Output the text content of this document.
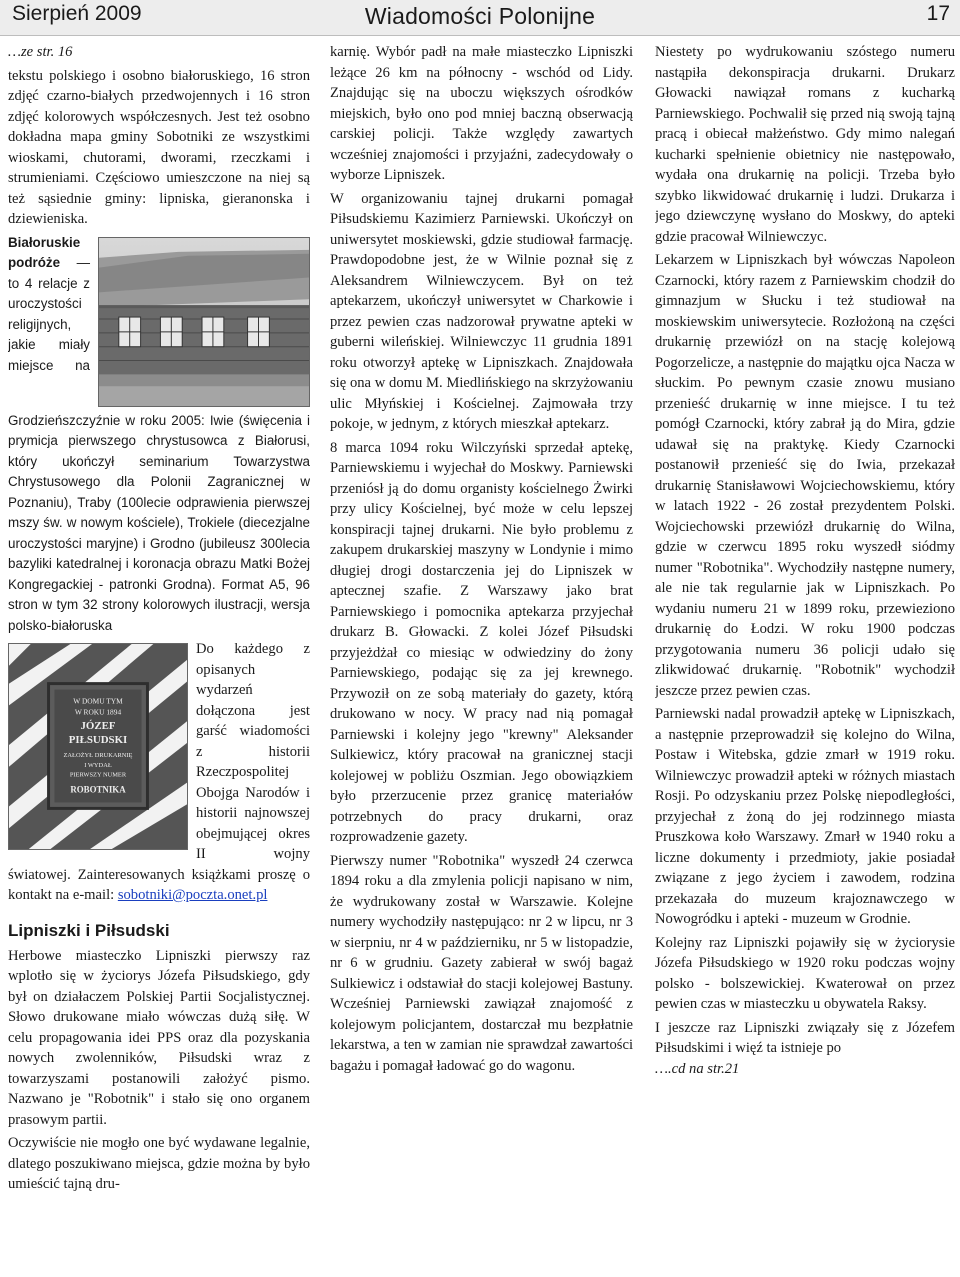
Sierpień 2009	Wiadomości Polonijne	17

…ze str. 16

tekstu polskiego i osobno białoruskiego, 16 stron zdjęć czarno-białych przedwojennych i 16 stron zdjęć kolorowych współczesnych. Jest też osobno dokładna mapa gminy Sobotniki ze wszystkimi wioskami, chutorami, dworami, rzeczkami i strumieniami. Częściowo umieszczone na niej są też sąsiednie gminy: lipniska, gieranonska i dziewieniska.

Białoruskie podróże — to 4 relacje z uroczystości religijnych, jakie miały miejsce na Grodzieńszczyźnie w roku 2005: Iwie (święcenia i prymicja pierwszego chrystusowca z Białorusi, który ukończył seminarium Towarzystwa Chrystusowego dla Polonii Zagranicznej w Poznaniu), Traby (100lecie odprawienia pierwszej mszy św. w nowym kościele), Trokiele (diecezjalne uroczystości maryjne) i Grodno (jubileusz 300lecia bazyliki katedralnej i koronacja obrazu Matki Bożej Kongregackiej - patronki Grodna). Format A5, 96 stron w tym 32 strony kolorowych ilustracji, wersja polsko-białoruska

W DOMU TYM
W ROKU 1894
JÓZEF
PIŁSUDSKI
ZAŁOŻYŁ DRUKARNIĘ
I WYDAŁ
PIERWSZY NUMER
ROBOTNIKA
Do każdego z opisanych wydarzeń dołączona jest garść wiadomości z historii Rzeczpospolitej Obojga Narodów i historii najnowszej obejmującej okres II wojny światowej. Zainteresowanych książkami proszę o kontakt na e-mail: sobotniki@poczta.onet.pl

Lipniszki i Piłsudski

Herbowe miasteczko Lipniszki pierwszy raz wplotło się w życiorys Józefa Piłsudskiego, gdy był on działaczem Polskiej Partii Socjalistycznej. Słowo drukowane miało wówczas dużą siłę. W celu propagowania idei PPS oraz dla pozyskania nowych zwolenników, Piłsudski wraz z towarzyszami postanowili założyć pismo. Nazwano je "Robotnik" i stało się ono organem prasowym partii.

Oczywiście nie mogło one być wydawane legalnie, dlatego poszukiwano miejsca, gdzie można by było umieścić tajną dru-

karnię. Wybór padł na małe miasteczko Lipniszki leżące 26 km na północny - wschód od Lidy. Znajdując się na uboczu większych ośrodków miejskich, było ono pod mniej baczną obserwacją carskiej policji. Także względy zawartych wcześniej znajomości i przyjaźni, zadecydowały o wyborze Lipniszek.

W organizowaniu tajnej drukarni pomagał Piłsudskiemu Kazimierz Parniewski. Ukończył on uniwersytet moskiewski, gdzie studiował farmację. Prawdopodobne jest, że w Wilnie poznał się z Aleksandrem Wilniewczycem. Był on też aptekarzem, ukończył uniwersytet w Charkowie i przez pewien czas nadzorował prywatne apteki w guberni wileńskiej. Wilniewczyc 11 grudnia 1891 roku otworzył aptekę w Lipniszkach. Znajdowała się ona w domu M. Miedlińskiego na skrzyżowaniu ulic Młyńskiej i Kościelnej. Zajmowała trzy pokoje, w jednym, z których mieszkał aptekarz.

8 marca 1094 roku Wilczyński sprzedał aptekę, Parniewskiemu i wyjechał do Moskwy. Parniewski przeniósł ją do domu organisty kościelnego Żwirki przy ulicy Kościelnej, być może w celu lepszej konspiracji tajnej drukarni. Nie było problemu z zakupem drukarskiej maszyny w Londynie i mimo długiej drogi dostarczenia jej do Lipniszek w aptecznej szafie. Z Warszawy jako brat Parniewskiego i pomocnika aptekarza przyjechał drukarz B. Głowacki. Z kolei Józef Piłsudski przyjeżdżał co miesiąc w odwiedziny do żony Parniewskiego, podając się za jej krewnego. Przywoził on ze sobą materiały do gazety, którą drukowano w nocy. W pracy nad nią pomagał Parniewski i kolejny jego "krewny" Aleksander Sulkiewicz, który pracował na granicznej stacji kolejowej w pobliżu Oszmian. Jego obowiązkiem było przerzucenie przez granicę materiałów potrzebnych do pracy drukarni, oraz rozprowadzenie gazety.

Pierwszy numer "Robotnika" wyszedł 24 czerwca 1894 roku a dla zmylenia policji napisano w nim, że wydrukowany został w Warszawie. Kolejne numery wychodziły następująco: nr 2 w lipcu, nr 3 w sierpniu, nr 4 w październiku, nr 5 w listopadzie, nr 6 w grudniu. Gazety zabierał w swój bagaż Sulkiewicz i odstawiał do stacji kolejowej Bastuny. Wcześniej Parniewski zawiązał znajomość z kolejowym policjantem, dostarczał mu bezpłatnie lekarstwa, a ten w zamian nie sprawdzał zawartości bagażu i pomagał ładować go do wagonu.

Niestety po wydrukowaniu szóstego numeru nastąpiła dekonspiracja drukarni. Drukarz Głowacki nawiązał romans z kucharką Parniewskiego. Pochwalił się przed nią swoją tajną pracą i obiecał małżeństwo. Gdy mimo nalegań kucharki spełnienie obietnicy nie następowało, wydała ona drukarnię na policji. Trzeba było szybko likwidować drukarnię i ludzi. Drukarza i jego dziewczynę wysłano do Moskwy, do apteki gdzie pracował Wilniewczyc.

Lekarzem w Lipniszkach był wówczas Napoleon Czarnocki, który razem z Parniewskim chodził do gimnazjum w Słucku i też studiował na moskiewskim uniwersytecie. Rozłożoną na części drukarnię przewiózł on na stację kolejową Pogorzelicze, a następnie do majątku ojca Nacza w słuckim. Po pewnym czasie znowu musiano przenieść drukarnię w inne miejsce. I tu też pomógł Czarnocki, który zabrał ją do Mira, gdzie udawał się na praktykę. Kiedy Czarnocki postanowił przenieść się do Iwia, przekazał drukarnię Stanisławowi Wojciechowskiemu, który w latach 1922 - 26 został prezydentem Polski. Wojciechowski przewiózł drukarnię do Wilna, gdzie w czerwcu 1895 roku wyszedł siódmy numer "Robotnika". Wychodziły następne numery, ale nie tak regularnie jak w Lipniszkach. Po wydaniu numeru 21 w 1899 roku, przewieziono drukarnię do Łodzi. W roku 1900 podczas przygotowania numeru 36 policji udało się zlikwidować drukarnię. "Robotnik" wychodził jeszcze przez pewien czas.

Parniewski nadal prowadził aptekę w Lipniszkach, a następnie przeprowadził się kolejno do Wilna, Postaw i Witebska, gdzie zmarł w 1919 roku. Wilniewczyc prowadził apteki w różnych miastach Rosji. Po odzyskaniu przez Polskę niepodległości, przyjechał z żoną do jej rodzinnego miasta Pruszkowa koło Warszawy. Zmarł w 1940 roku a liczne dokumenty i przedmioty, jakie posiadał związane z jego życiem i zawodem, rodzina przekazała do muzeum krajoznawczego w Nowogródku i apteki - muzeum w Grodnie.

Kolejny raz Lipniszki pojawiły się w życiorysie Józefa Piłsudskiego w 1920 roku podczas wojny polsko - bolszewickiej. Kwaterował on przez pewien czas w miasteczku u obywatela Raksy.

I jeszcze raz Lipniszki związały się z Józefem Piłsudskimi i więź ta istnieje po
….cd na str.21
